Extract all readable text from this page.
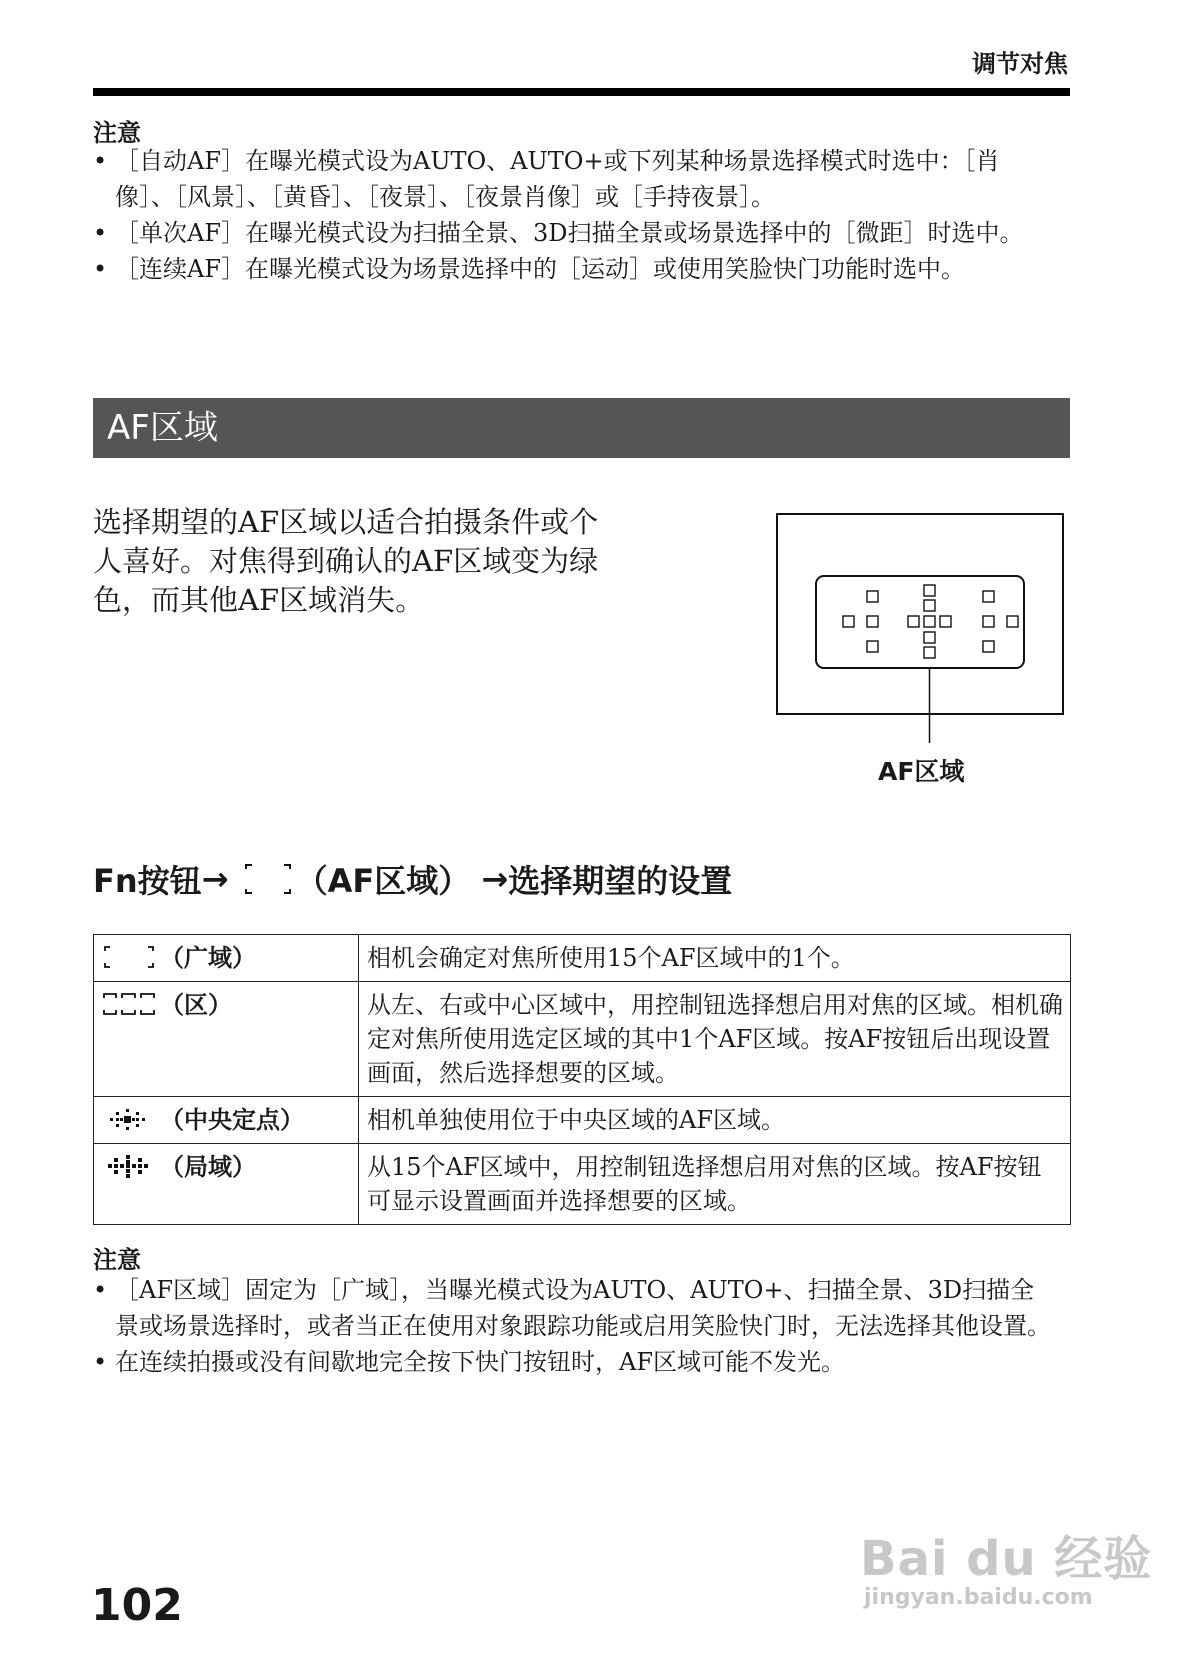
调节对焦
注意
• ［自动AF］在曝光模式设为AUTO、AUTO+或下列某种场景选择模式时选中：［肖像］、［风景］、［黄昏］、［夜景］、［夜景肖像］或［手持夜景］。
• ［单次AF］在曝光模式设为扫描全景、3D扫描全景或场景选择中的［微距］时选中。
• ［连续AF］在曝光模式设为场景选择中的［运动］或使用笑脸快门功能时选中。
AF区域
选择期望的AF区域以适合拍摄条件或个人喜好。对焦得到确认的AF区域变为绿色，而其他AF区域消失。
AF区域
Fn按钮→ （AF区域） →选择期望的设置
（广域）	相机会确定对焦所使用15个AF区域中的1个。
（区）	从左、右或中心区域中，用控制钮选择想启用对焦的区域。相机确定对焦所使用选定区域的其中1个AF区域。按AF按钮后出现设置画面，然后选择想要的区域。
（中央定点）	相机单独使用位于中央区域的AF区域。
（局域）	从15个AF区域中，用控制钮选择想启用对焦的区域。按AF按钮可显示设置画面并选择想要的区域。
注意
• ［AF区域］固定为［广域］，当曝光模式设为AUTO、AUTO+、扫描全景、3D扫描全景或场景选择时，或者当正在使用对象跟踪功能或启用笑脸快门时，无法选择其他设置。
• 在连续拍摄或没有间歇地完全按下快门按钮时，AF区域可能不发光。
102
Bai du 经验
jingyan.baidu.com
